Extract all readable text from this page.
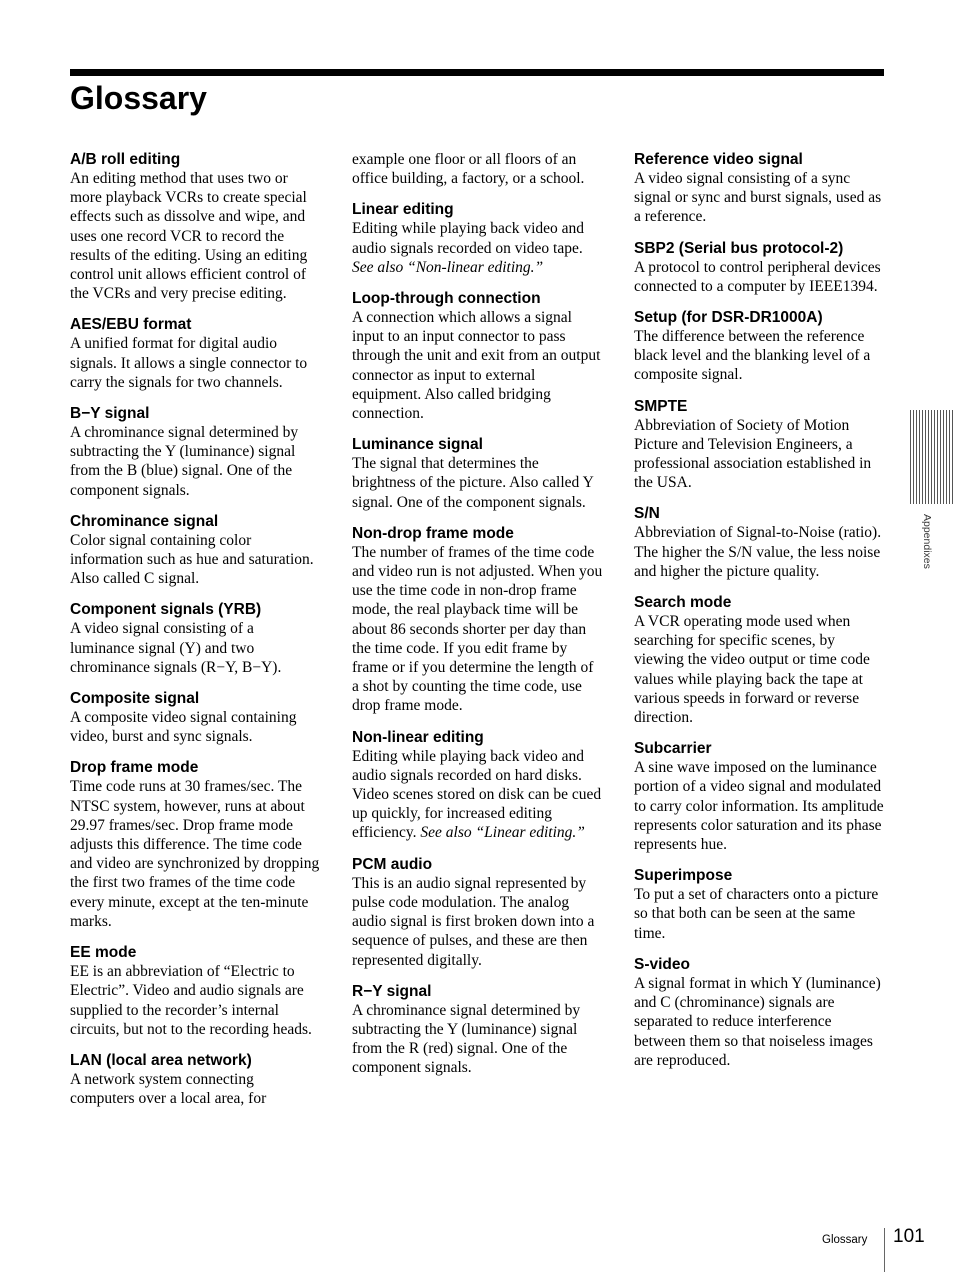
Glossary

A/B roll editing

An editing method that uses two or more playback VCRs to create special effects such as dissolve and wipe, and uses one record VCR to record the results of the editing. Using an editing control unit allows efficient control of the VCRs and very precise editing.

AES/EBU format

A unified format for digital audio signals. It allows a single connector to carry the signals for two channels.

B−Y signal

A chrominance signal determined by subtracting the Y (luminance) signal from the B (blue) signal. One of the component signals.

Chrominance signal

Color signal containing color information such as hue and saturation. Also called C signal.

Component signals (YRB)

A video signal consisting of a luminance signal (Y) and two chrominance signals (R−Y, B−Y).

Composite signal

A composite video signal containing video, burst and sync signals.

Drop frame mode

Time code runs at 30 frames/sec. The NTSC system, however, runs at about 29.97 frames/sec. Drop frame mode adjusts this difference. The time code and video are synchronized by dropping the first two frames of the time code every minute, except at the ten-minute marks.

EE mode

EE is an abbreviation of “Electric to Electric”. Video and audio signals are supplied to the recorder’s internal circuits, but not to the recording heads.

LAN (local area network)

A network system connecting computers over a local area, for

example one floor or all floors of an office building, a factory, or a school.

Linear editing

Editing while playing back video and audio signals recorded on video tape. See also “Non-linear editing.”

Loop-through connection

A connection which allows a signal input to an input connector to pass through the unit and exit from an output connector as input to external equipment. Also called bridging connection.

Luminance signal

The signal that determines the brightness of the picture. Also called Y signal. One of the component signals.

Non-drop frame mode

The number of frames of the time code and video run is not adjusted. When you use the time code in non-drop frame mode, the real playback time will be about 86 seconds shorter per day than the time code. If you edit frame by frame or if you determine the length of a shot by counting the time code, use drop frame mode.

Non-linear editing

Editing while playing back video and audio signals recorded on hard disks. Video scenes stored on disk can be cued up quickly, for increased editing efficiency. See also “Linear editing.”

PCM audio

This is an audio signal represented by pulse code modulation. The analog audio signal is first broken down into a sequence of pulses, and these are then represented digitally.

R−Y signal

A chrominance signal determined by subtracting the Y (luminance) signal from the R (red) signal. One of the component signals.

Reference video signal

A video signal consisting of a sync signal or sync and burst signals, used as a reference.

SBP2 (Serial bus protocol-2)

A protocol to control peripheral devices connected to a computer by IEEE1394.

Setup (for DSR-DR1000A)

The difference between the reference black level and the blanking level of a composite signal.

SMPTE

Abbreviation of Society of Motion Picture and Television Engineers, a professional association established in the USA.

S/N

Abbreviation of Signal-to-Noise (ratio). The higher the S/N value, the less noise and higher the picture quality.

Search mode

A VCR operating mode used when searching for specific scenes, by viewing the video output or time code values while playing back the tape at various speeds in forward or reverse direction.

Subcarrier

A sine wave imposed on the luminance portion of a video signal and modulated to carry color information. Its amplitude represents color saturation and its phase represents hue.

Superimpose

To put a set of characters onto a picture so that both can be seen at the same time.

S-video

A signal format in which Y (luminance) and C (chrominance) signals are separated to reduce interference between them so that noiseless images are reproduced.

Appendixes
Glossary 101
